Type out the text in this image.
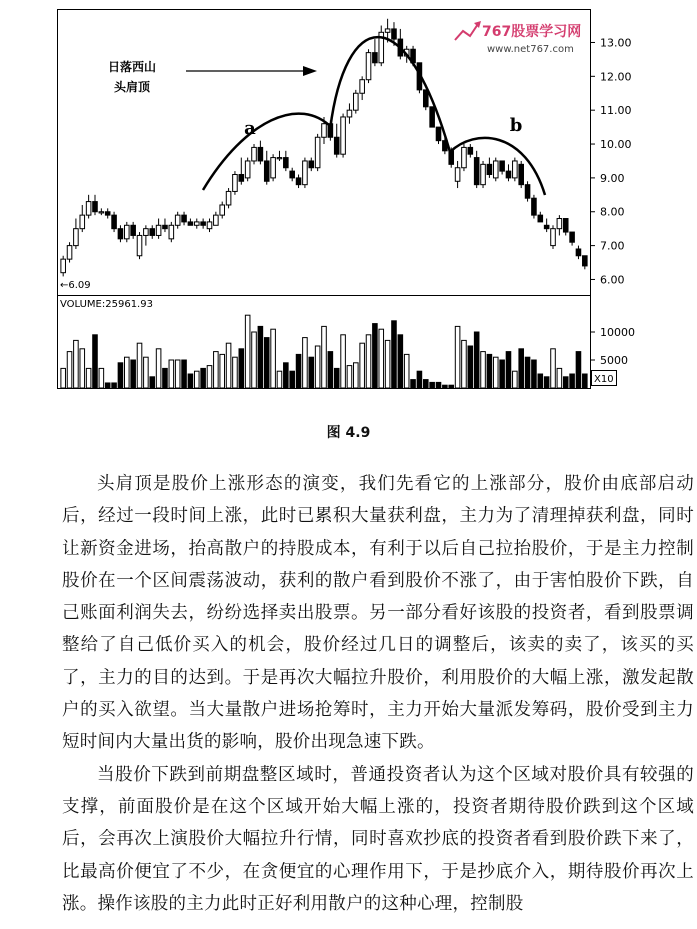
6.00
7.00
8.00
9.00
10.00
11.00
12.00
13.00
10000
5000
日落西山
头肩顶
a	b
←6.09
VOLUME:25961.93
X10
767股票学习网
www.net767.com
图 4.9

头肩顶是股价上涨形态的演变，我们先看它的上涨部分，股价由底部启动后，经过一段时间上涨，此时已累积大量获利盘，主力为了清理掉获利盘，同时让新资金进场，抬高散户的持股成本，有利于以后自己拉抬股价，于是主力控制股价在一个区间震荡波动，获利的散户看到股价不涨了，由于害怕股价下跌，自己账面利润失去，纷纷选择卖出股票。另一部分看好该股的投资者，看到股票调整给了自己低价买入的机会，股价经过几日的调整后，该卖的卖了，该买的买了，主力的目的达到。于是再次大幅拉升股价，利用股价的大幅上涨，激发起散户的买入欲望。当大量散户进场抢筹时，主力开始大量派发筹码，股价受到主力短时间内大量出货的影响，股价出现急速下跌。

当股价下跌到前期盘整区域时，普通投资者认为这个区域对股价具有较强的支撑，前面股价是在这个区域开始大幅上涨的，投资者期待股价跌到这个区域后，会再次上演股价大幅拉升行情，同时喜欢抄底的投资者看到股价跌下来了，比最高价便宜了不少，在贪便宜的心理作用下，于是抄底介入，期待股价再次上涨。操作该股的主力此时正好利用散户的这种心理，控制股
